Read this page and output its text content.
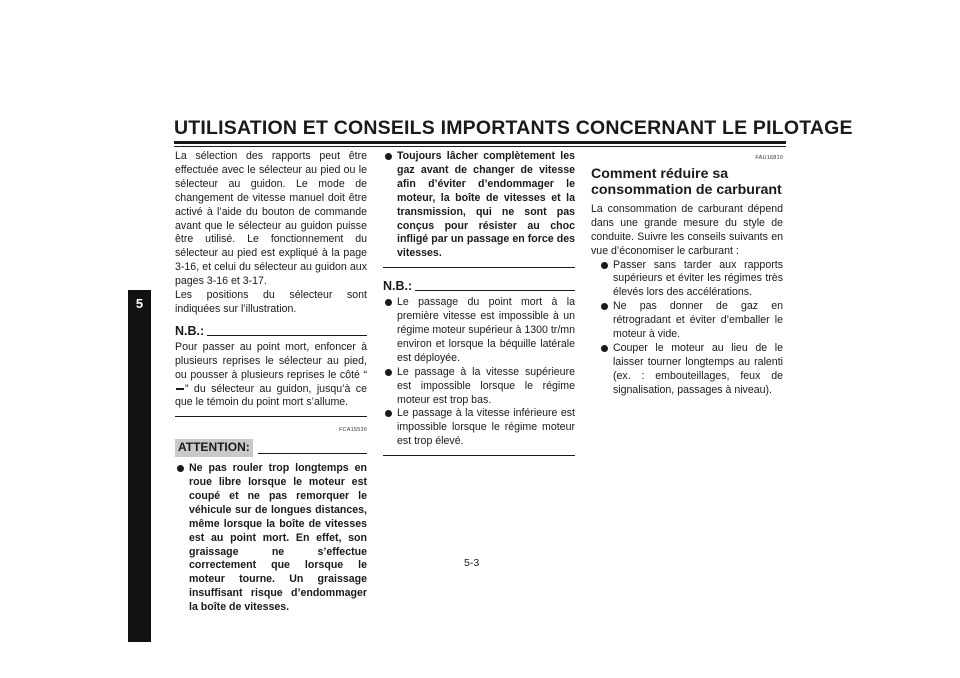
UTILISATION ET CONSEILS IMPORTANTS CONCERNANT LE PILOTAGE
5

La sélection des rapports peut être effectuée avec le sélecteur au pied ou le sélecteur au guidon. Le mode de changement de vitesse manuel doit être activé à l’aide du bouton de commande avant que le sélecteur au guidon puisse être utilisé. Le fonctionnement du sélecteur au pied est expliqué à la page 3-16, et celui du sélecteur au guidon aux pages 3-16 et 3-17.

Les positions du sélecteur sont indiquées sur l’illustration.

N.B.:

Pour passer au point mort, enfoncer à plusieurs reprises le sélecteur au pied, ou pousser à plusieurs reprises le côté “” du sélecteur au guidon, jusqu’à ce que le témoin du point mort s’allume.

FCA15530
ATTENTION:
Ne pas rouler trop longtemps en roue libre lorsque le moteur est coupé et ne pas remorquer le véhicule sur de longues distances, même lorsque la boîte de vitesses est au point mort. En effet, son graissage ne s’effectue correctement que lorsque le moteur tourne. Un graissage insuffisant risque d’endommager la boîte de vitesses.
Toujours lâcher complètement les gaz avant de changer de vitesse afin d’éviter d’endommager le moteur, la boîte de vitesses et la transmission, qui ne sont pas conçus pour résister au choc infligé par un passage en force des vitesses.
N.B.:
Le passage du point mort à la première vitesse est impossible à un régime moteur supérieur à 1300 tr/mn environ et lorsque la béquille latérale est déployée.
Le passage à la vitesse supérieure est impossible lorsque le régime moteur est trop bas.
Le passage à la vitesse inférieure est impossible lorsque le régime moteur est trop élevé.
FAU16810
Comment réduire sa consommation de carburant

La consommation de carburant dépend dans une grande mesure du style de conduite. Suivre les conseils suivants en vue d’économiser le carburant :

Passer sans tarder aux rapports supérieurs et éviter les régimes très élevés lors des accélérations.
Ne pas donner de gaz en rétrogradant et éviter d’emballer le moteur à vide.
Couper le moteur au lieu de le laisser tourner longtemps au ralenti (ex. : embouteillages, feux de signalisation, passages à niveau).
5-3
